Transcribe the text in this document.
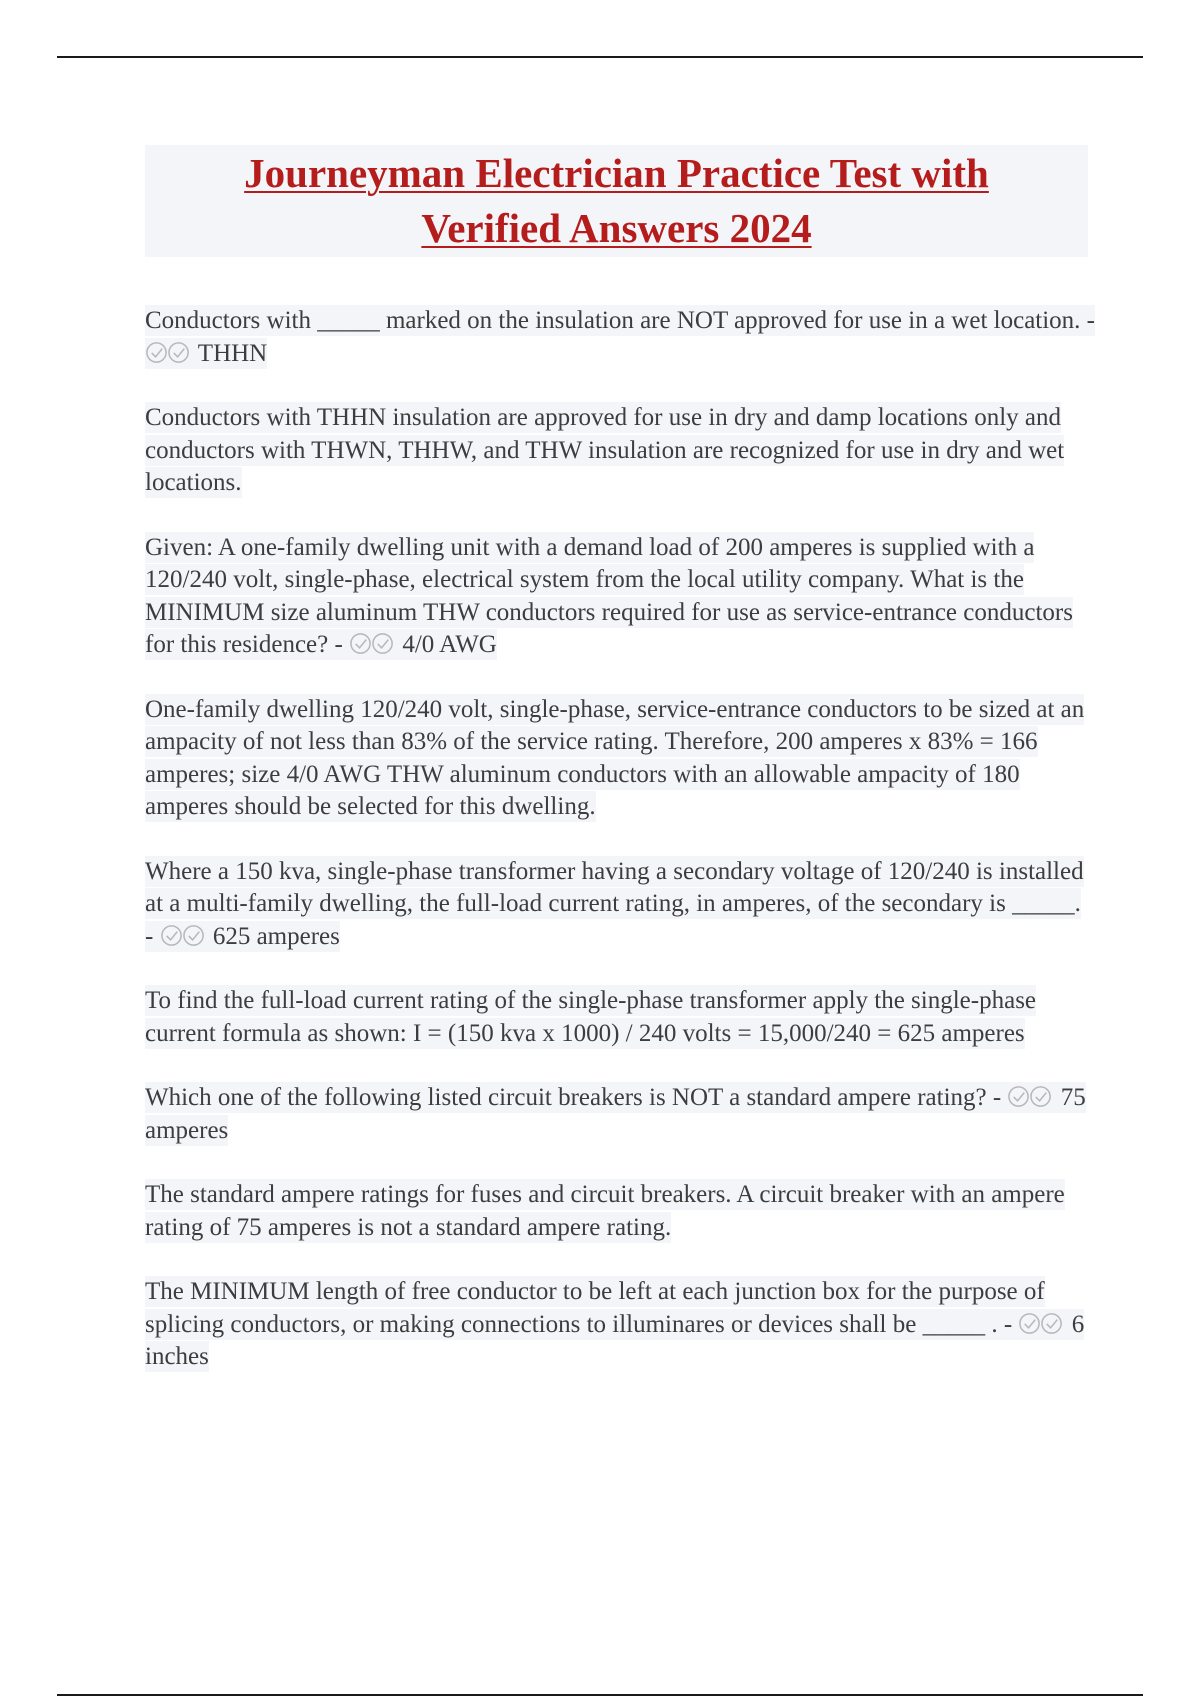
Journeyman Electrician Practice Test with
Verified Answers 2024

Conductors with _____ marked on the insulation are NOT approved for use in a wet location. -
THHN

Conductors with THHN insulation are approved for use in dry and damp locations only and conductors with THWN, THHW, and THW insulation are recognized for use in dry and wet locations.

Given: A one-family dwelling unit with a demand load of 200 amperes is supplied with a 120/240 volt, single-phase, electrical system from the local utility company. What is the MINIMUM size aluminum THW conductors required for use as service-entrance conductors for this residence? -
4/0 AWG

One-family dwelling 120/240 volt, single-phase, service-entrance conductors to be sized at an ampacity of not less than 83% of the service rating. Therefore, 200 amperes x 83% = 166 amperes; size 4/0 AWG THW aluminum conductors with an allowable ampacity of 180 amperes should be selected for this dwelling.

Where a 150 kva, single-phase transformer having a secondary voltage of 120/240 is installed at a multi-family dwelling, the full-load current rating, in amperes, of the secondary is _____. -
625 amperes

To find the full-load current rating of the single-phase transformer apply the single-phase current formula as shown: I = (150 kva x 1000) / 240 volts = 15,000/240 = 625 amperes

Which one of the following listed circuit breakers is NOT a standard ampere rating? -
75 amperes

The standard ampere ratings for fuses and circuit breakers. A circuit breaker with an ampere rating of 75 amperes is not a standard ampere rating.

The MINIMUM length of free conductor to be left at each junction box for the purpose of splicing conductors, or making connections to illuminares or devices shall be _____ . -
6 inches
